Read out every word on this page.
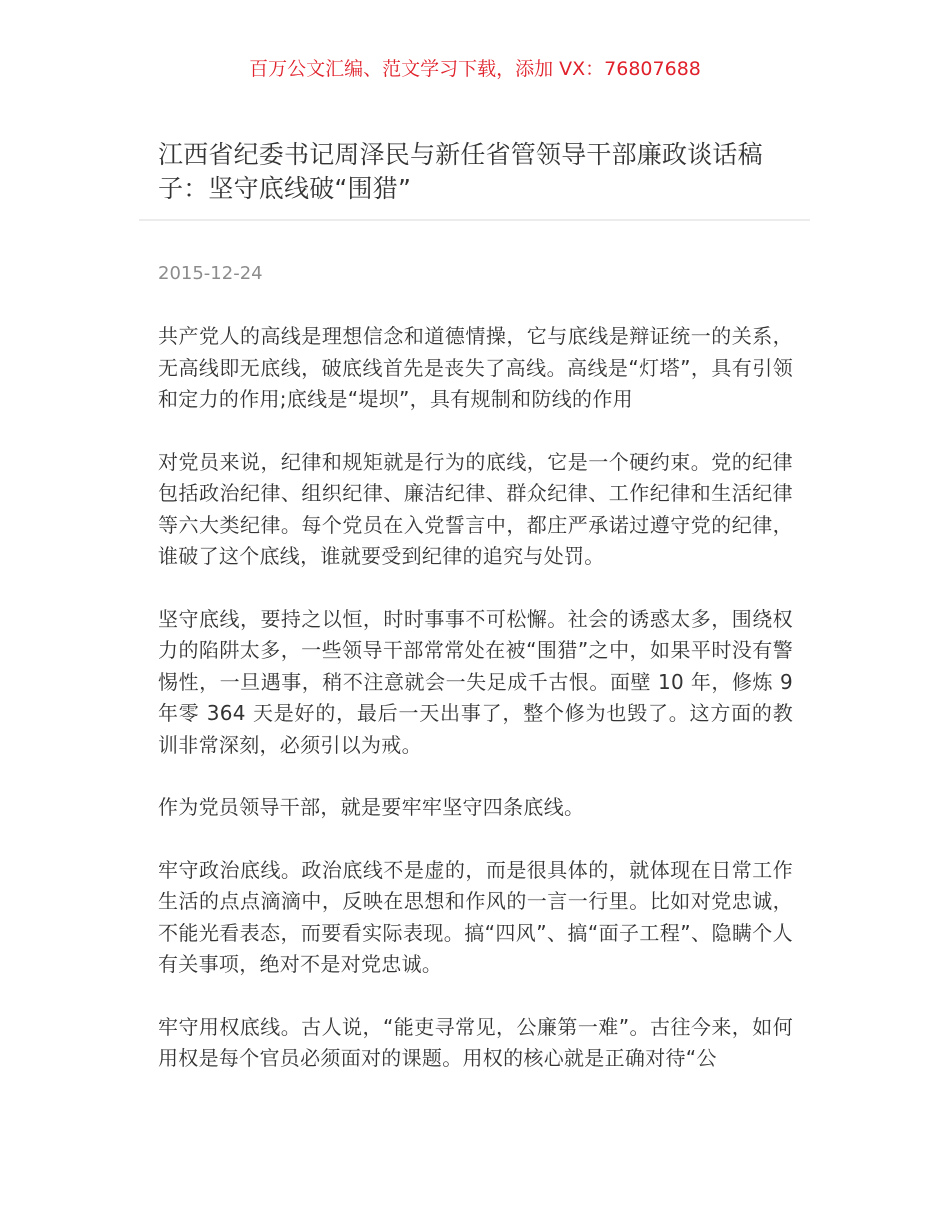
百万公文汇编、范文学习下载，添加 VX：76807688
江西省纪委书记周泽民与新任省管领导干部廉政谈话稿子：坚守底线破“围猎”
2015-12-24

共产党人的高线是理想信念和道德情操，它与底线是辩证统一的关系，无高线即无底线，破底线首先是丧失了高线。高线是“灯塔”，具有引领和定力的作用;底线是“堤坝”，具有规制和防线的作用

对党员来说，纪律和规矩就是行为的底线，它是一个硬约束。党的纪律包括政治纪律、组织纪律、廉洁纪律、群众纪律、工作纪律和生活纪律等六大类纪律。每个党员在入党誓言中，都庄严承诺过遵守党的纪律，谁破了这个底线，谁就要受到纪律的追究与处罚。

坚守底线，要持之以恒，时时事事不可松懈。社会的诱惑太多，围绕权力的陷阱太多，一些领导干部常常处在被“围猎”之中，如果平时没有警惕性，一旦遇事，稍不注意就会一失足成千古恨。面壁 10 年，修炼 9 年零 364 天是好的，最后一天出事了，整个修为也毁了。这方面的教训非常深刻，必须引以为戒。

作为党员领导干部，就是要牢牢坚守四条底线。

牢守政治底线。政治底线不是虚的，而是很具体的，就体现在日常工作生活的点点滴滴中，反映在思想和作风的一言一行里。比如对党忠诚，不能光看表态，而要看实际表现。搞“四风”、搞“面子工程”、隐瞒个人有关事项，绝对不是对党忠诚。

牢守用权底线。古人说，“能吏寻常见，公廉第一难”。古往今来，如何用权是每个官员必须面对的课题。用权的核心就是正确对待“公
